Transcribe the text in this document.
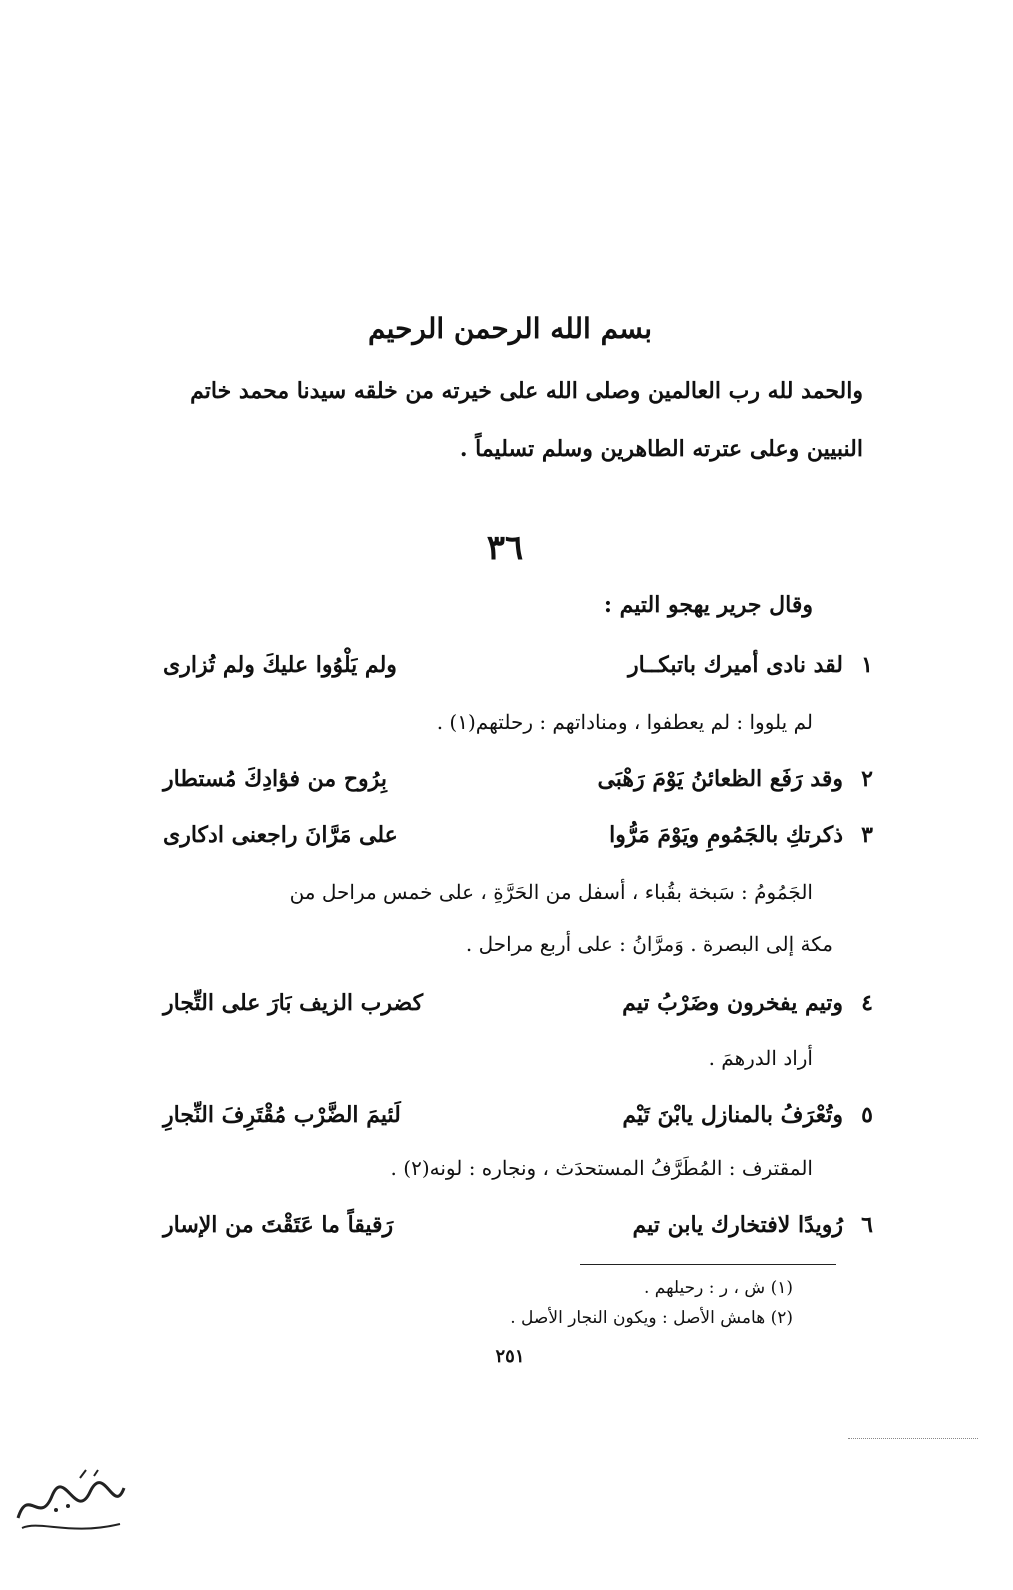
بسم الله الرحمن الرحيم
والحمد لله رب العالمين وصلى الله على خيرته من خلقه سيدنا محمد خاتم
النبيين وعلى عترته الطاهرين وسلم تسليماً .
٣٦
وقال جرير يهجو التيم :
١
لقد نادى أميرك باتبكــار
ولم يَلْوُوا عليكَ ولم تُزارى
لم يلووا : لم يعطفوا ، ومناداتهم : رحلتهم(١) .
٢
وقد رَفَع الظعائنُ يَوْمَ رَهْبَى
بِرُوح من فؤادِكَ مُستطار
٣
ذكرتكِ بالجَمُومِ ويَوْمَ مَرُّوا
على مَرَّانَ راجعنى ادكارى
الجَمُومُ : سَبخة بقُباء ، أسفل من الحَرَّةِ ، على خمس مراحل من
مكة إلى البصرة . وَمرَّانُ : على أربع مراحل .
٤
وتيم يفخرون وضَرْبُ تيم
كضرب الزيف بَارَ على التِّجار
أراد الدرهمَ .
٥
وتُعْرَفُ بالمنازل يابْنَ تَيْم
لَئيمَ الضَّرْب مُقْتَرِفَ النِّجارِ
المقترف : المُطَرَّفُ المستحدَث ، ونجاره : لونه(٢) .
٦
رُويدًا لافتخارك يابن تيم
رَقيقاً ما عَتَقْتَ من الإسار
(١) ش ، ر : رحيلهم .
(٢) هامش الأصل : ويكون النجار الأصل .
٢٥١
